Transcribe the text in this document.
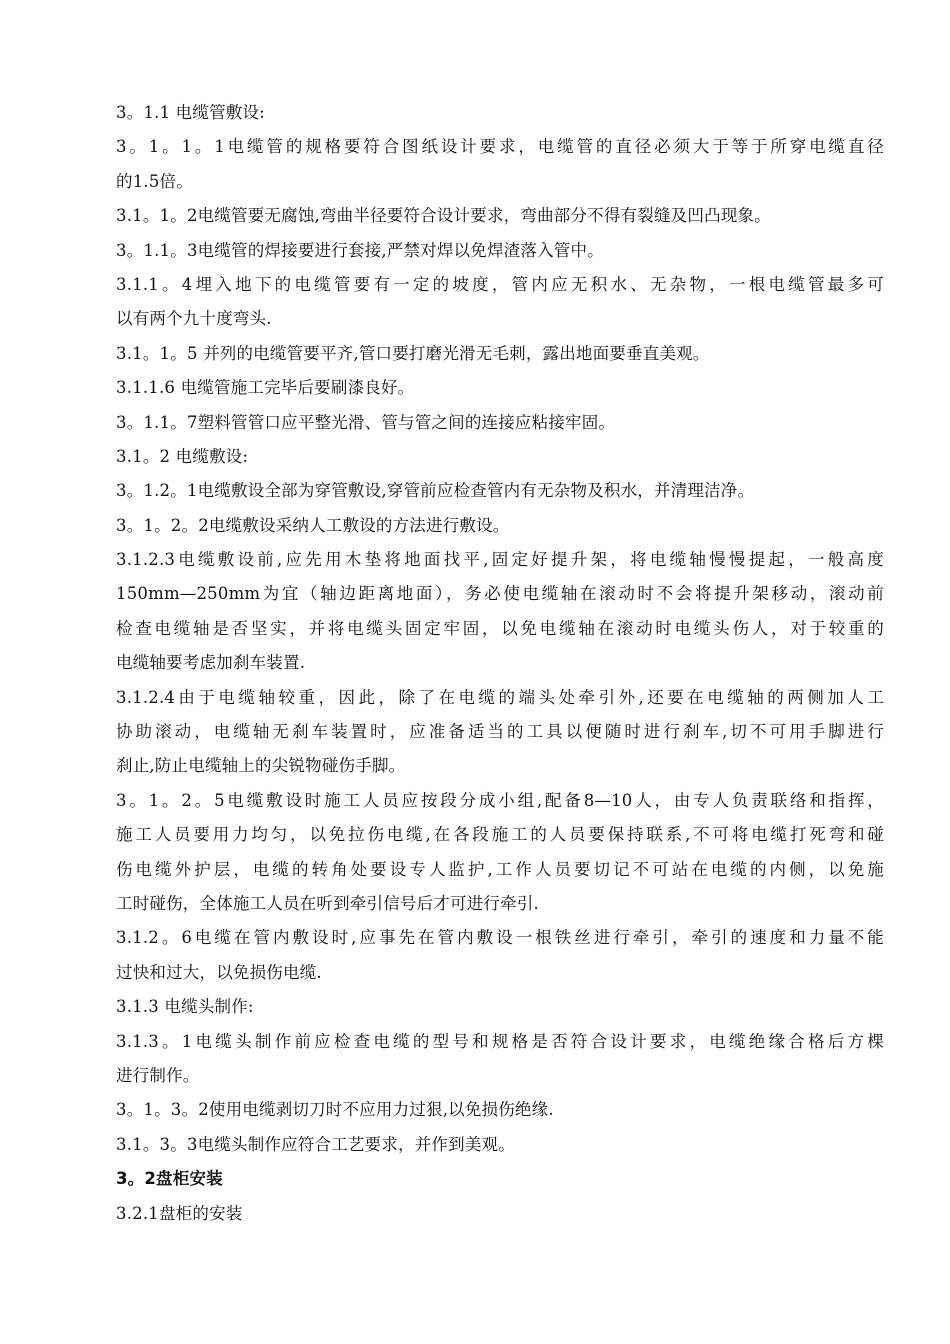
3。1.1 电缆管敷设:
3。1。1。1电缆管的规格要符合图纸设计要求，电缆管的直径必须大于等于所穿电缆直径
的1.5倍。
3.1。1。2电缆管要无腐蚀,弯曲半径要符合设计要求，弯曲部分不得有裂缝及凹凸现象。
3。1.1。3电缆管的焊接要进行套接,严禁对焊以免焊渣落入管中。
3.1.1。4埋入地下的电缆管要有一定的坡度，管内应无积水、无杂物，一根电缆管最多可
以有两个九十度弯头.
3.1。1。5 并列的电缆管要平齐,管口要打磨光滑无毛刺，露出地面要垂直美观。
3.1.1.6 电缆管施工完毕后要刷漆良好。
3。1.1。7塑料管管口应平整光滑、管与管之间的连接应粘接牢固。
3.1。2 电缆敷设:
3。1.2。1电缆敷设全部为穿管敷设,穿管前应检查管内有无杂物及积水，并清理洁净。
3。1。2。2电缆敷设采纳人工敷设的方法进行敷设。
3.1.2.3电缆敷设前,应先用木垫将地面找平,固定好提升架，将电缆轴慢慢提起，一般高度
150mm—250mm为宜（轴边距离地面），务必使电缆轴在滚动时不会将提升架移动，滚动前
检查电缆轴是否坚实，并将电缆头固定牢固，以免电缆轴在滚动时电缆头伤人，对于较重的
电缆轴要考虑加刹车装置.
3.1.2.4由于电缆轴较重，因此，除了在电缆的端头处牵引外,还要在电缆轴的两侧加人工
协助滚动，电缆轴无刹车装置时，应准备适当的工具以便随时进行刹车,切不可用手脚进行
刹止,防止电缆轴上的尖锐物碰伤手脚。
3。1。2。5电缆敷设时施工人员应按段分成小组,配备8—10人，由专人负责联络和指挥，
施工人员要用力均匀，以免拉伤电缆,在各段施工的人员要保持联系,不可将电缆打死弯和碰
伤电缆外护层，电缆的转角处要设专人监护,工作人员要切记不可站在电缆的内侧，以免施
工时碰伤，全体施工人员在听到牵引信号后才可进行牵引.
3.1.2。6电缆在管内敷设时,应事先在管内敷设一根铁丝进行牵引，牵引的速度和力量不能
过快和过大，以免损伤电缆.
3.1.3 电缆头制作:
3.1.3。1电缆头制作前应检查电缆的型号和规格是否符合设计要求，电缆绝缘合格后方棵
进行制作。
3。1。3。2使用电缆剥切刀时不应用力过狠,以免损伤绝缘.
3.1。3。3电缆头制作应符合工艺要求，并作到美观。
3。2盘柜安装
3.2.1盘柜的安装
